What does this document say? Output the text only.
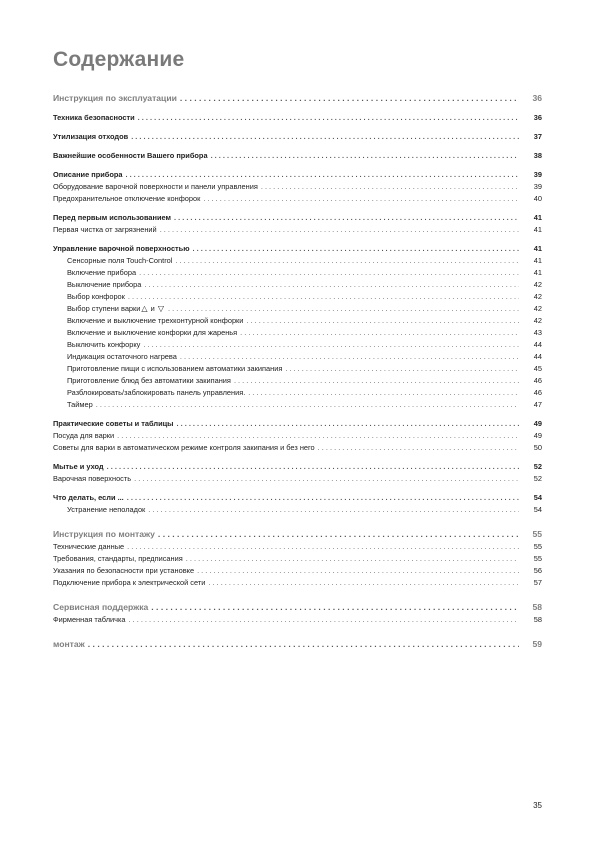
Содержание
Инструкция по эксплуатации . . .	36
Техника безопасности . . .	36
Утилизация отходов . . .	37
Важнейшие особенности Вашего прибора . . .	38
Описание прибора . . .	39
Оборудование варочной поверхности и панели управления . . .	39
Предохранительное отключение конфорок . . .	40
Перед первым использованием . . .	41
Первая чистка от загрязнений . . .	41
Управление варочной поверхностью . . .	41
Сенсорные поля Touch-Control . . .	41
Включение прибора . . .	41
Выключение прибора . . .	42
Выбор конфорок . . .	42
Выбор ступени варки△ и ▽ . . .	42
Включение и выключение трехконтурной конфорки . . .	42
Включение и выключение конфорки для жаренья . . .	43
Выключить конфорку . . .	44
Индикация остаточного нагрева . . .	44
Приготовление пищи с использованием автоматики закипания . . .	45
Приготовление блюд без автоматики закипания . . .	46
Разблокировать/заблокировать панель управления. . . .	46
Таймер . . .	47
Практические советы и таблицы . . .	49
Посуда для варки . . .	49
Советы для варки в автоматическом режиме контроля закипания и без него . . .	50
Мытье и уход . . .	52
Варочная поверхность . . .	52
Что делать, если ... . . .	54
Устранение неполадок . . .	54
Инструкция по монтажу . . .	55
Технические данные . . .	55
Требования, стандарты, предписания . . .	55
Указания по безопасности при установке . . .	56
Подключение прибора к электрической сети . . .	57
Сервисная поддержка . . .	58
Фирменная табличка . . .	58
монтаж . . .	59
35
